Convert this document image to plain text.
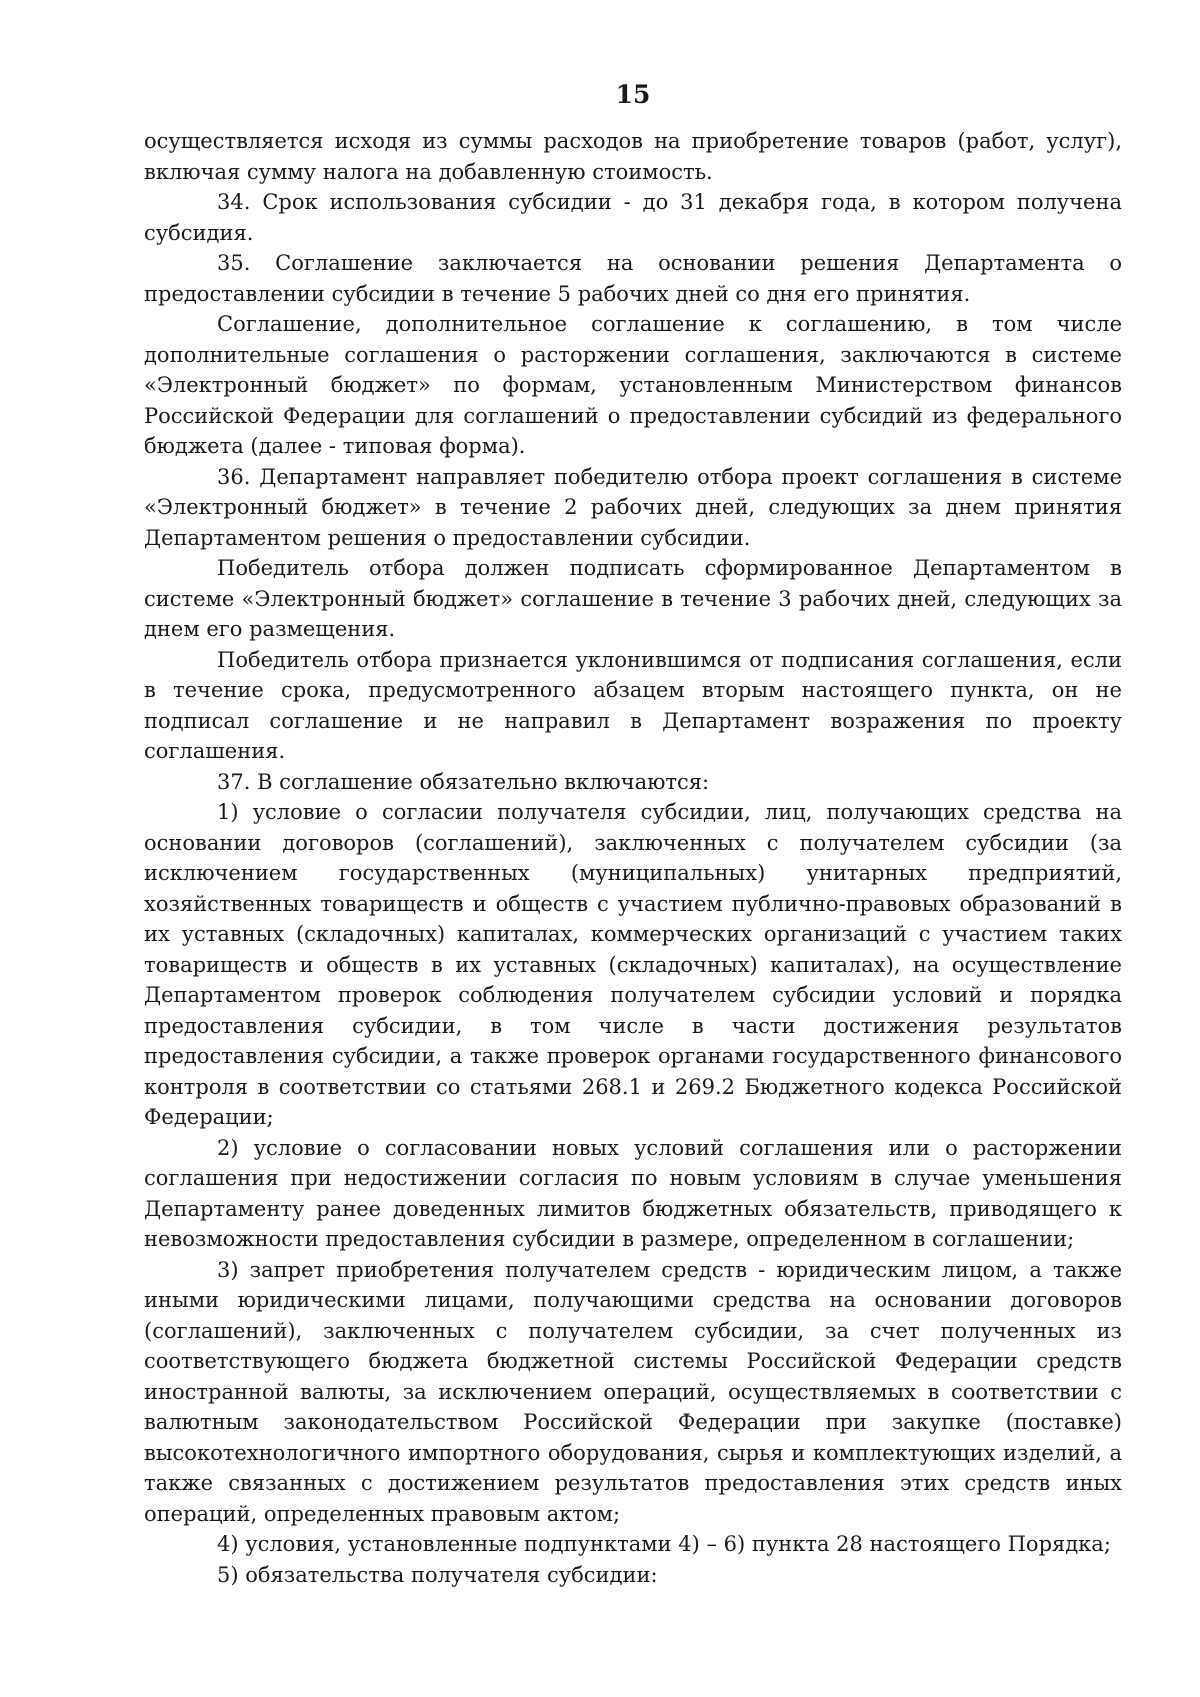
15

осуществляется исходя из суммы расходов на приобретение товаров (работ, услуг), включая сумму налога на добавленную стоимость.

34. Срок использования субсидии - до 31 декабря года, в котором получена субсидия.

35. Соглашение заключается на основании решения Департамента о предоставлении субсидии в течение 5 рабочих дней со дня его принятия.

Соглашение, дополнительное соглашение к соглашению, в том числе дополнительные соглашения о расторжении соглашения, заключаются в системе «Электронный бюджет» по формам, установленным Министерством финансов Российской Федерации для соглашений о предоставлении субсидий из федерального бюджета (далее - типовая форма).

36. Департамент направляет победителю отбора проект соглашения в системе «Электронный бюджет» в течение 2 рабочих дней, следующих за днем принятия Департаментом решения о предоставлении субсидии.

Победитель отбора должен подписать сформированное Департаментом в системе «Электронный бюджет» соглашение в течение 3 рабочих дней, следующих за днем его размещения.

Победитель отбора признается уклонившимся от подписания соглашения, если в течение срока, предусмотренного абзацем вторым настоящего пункта, он не подписал соглашение и не направил в Департамент возражения по проекту соглашения.

37. В соглашение обязательно включаются:

1) условие о согласии получателя субсидии, лиц, получающих средства на основании договоров (соглашений), заключенных с получателем субсидии (за исключением государственных (муниципальных) унитарных предприятий, хозяйственных товариществ и обществ с участием публично-правовых образований в их уставных (складочных) капиталах, коммерческих организаций с участием таких товариществ и обществ в их уставных (складочных) капиталах), на осуществление Департаментом проверок соблюдения получателем субсидии условий и порядка предоставления субсидии, в том числе в части достижения результатов предоставления субсидии, а также проверок органами государственного финансового контроля в соответствии со статьями 268.1 и 269.2 Бюджетного кодекса Российской Федерации;

2) условие о согласовании новых условий соглашения или о расторжении соглашения при недостижении согласия по новым условиям в случае уменьшения Департаменту ранее доведенных лимитов бюджетных обязательств, приводящего к невозможности предоставления субсидии в размере, определенном в соглашении;

3) запрет приобретения получателем средств - юридическим лицом, а также иными юридическими лицами, получающими средства на основании договоров (соглашений), заключенных с получателем субсидии, за счет полученных из соответствующего бюджета бюджетной системы Российской Федерации средств иностранной валюты, за исключением операций, осуществляемых в соответствии с валютным законодательством Российской Федерации при закупке (поставке) высокотехнологичного импортного оборудования, сырья и комплектующих изделий, а также связанных с достижением результатов предоставления этих средств иных операций, определенных правовым актом;

4) условия, установленные подпунктами 4) – 6) пункта 28 настоящего Порядка;

5) обязательства получателя субсидии:
